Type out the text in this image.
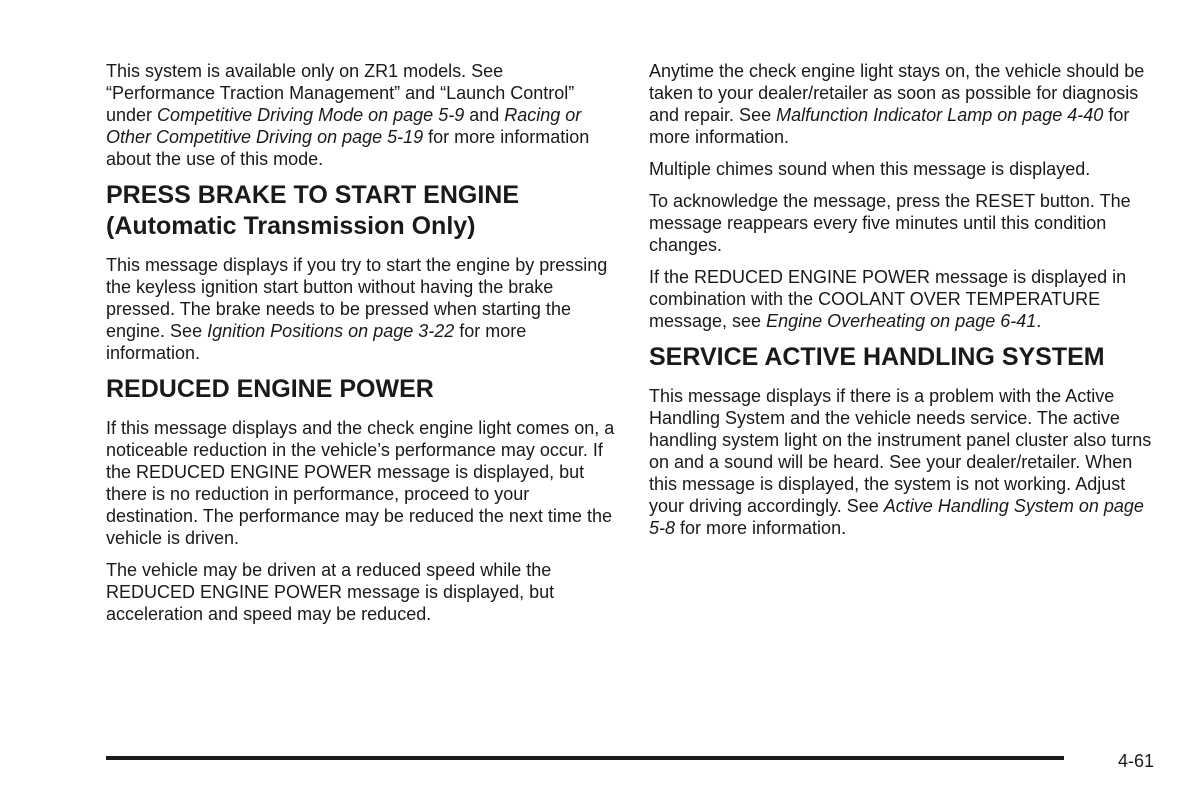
This system is available only on ZR1 models. See “Performance Traction Management” and “Launch Control” under Competitive Driving Mode on page 5-9 and Racing or Other Competitive Driving on page 5-19 for more information about the use of this mode.

PRESS BRAKE TO START ENGINE (Automatic Transmission Only)

This message displays if you try to start the engine by pressing the keyless ignition start button without having the brake pressed. The brake needs to be pressed when starting the engine. See Ignition Positions on page 3-22 for more information.

REDUCED ENGINE POWER

If this message displays and the check engine light comes on, a noticeable reduction in the vehicle’s performance may occur. If the REDUCED ENGINE POWER message is displayed, but there is no reduction in performance, proceed to your destination. The performance may be reduced the next time the vehicle is driven.

The vehicle may be driven at a reduced speed while the REDUCED ENGINE POWER message is displayed, but acceleration and speed may be reduced.

Anytime the check engine light stays on, the vehicle should be taken to your dealer/retailer as soon as possible for diagnosis and repair. See Malfunction Indicator Lamp on page 4-40 for more information.

Multiple chimes sound when this message is displayed.

To acknowledge the message, press the RESET button. The message reappears every five minutes until this condition changes.

If the REDUCED ENGINE POWER message is displayed in combination with the COOLANT OVER TEMPERATURE message, see Engine Overheating on page 6-41.

SERVICE ACTIVE HANDLING SYSTEM

This message displays if there is a problem with the Active Handling System and the vehicle needs service. The active handling system light on the instrument panel cluster also turns on and a sound will be heard. See your dealer/retailer. When this message is displayed, the system is not working. Adjust your driving accordingly. See Active Handling System on page 5-8 for more information.

4-61
